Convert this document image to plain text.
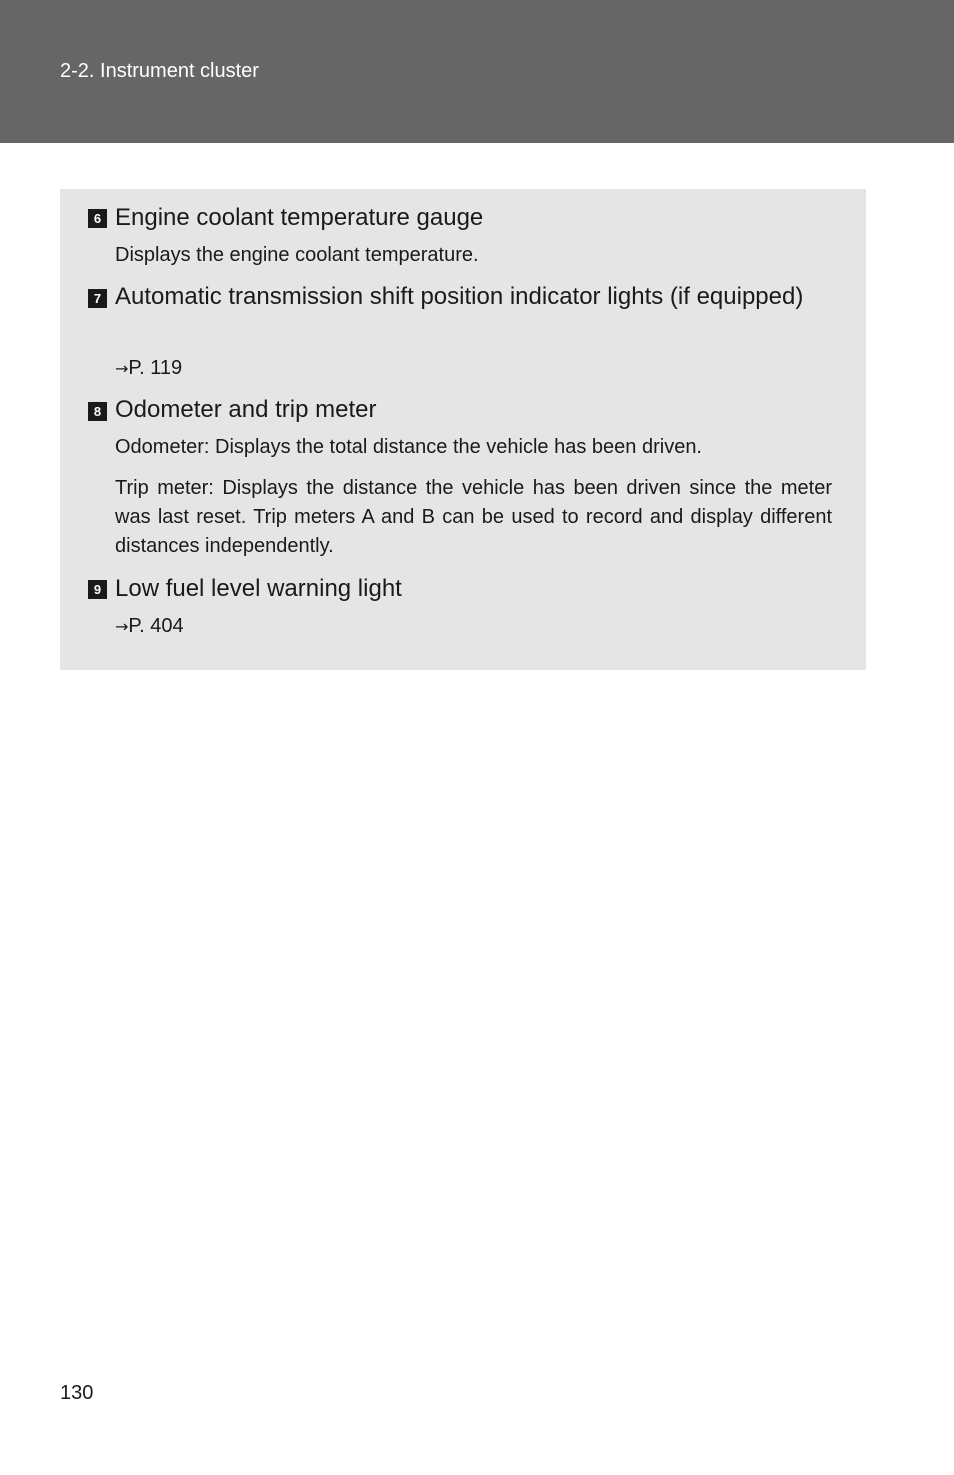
2-2. Instrument cluster
6 Engine coolant temperature gauge
Displays the engine coolant temperature.
7 Automatic transmission shift position indicator lights (if equipped)
→P. 119
8 Odometer and trip meter
Odometer: Displays the total distance the vehicle has been driven.
Trip meter: Displays the distance the vehicle has been driven since the meter was last reset. Trip meters A and B can be used to record and display different distances independently.
9 Low fuel level warning light
→P. 404
130
